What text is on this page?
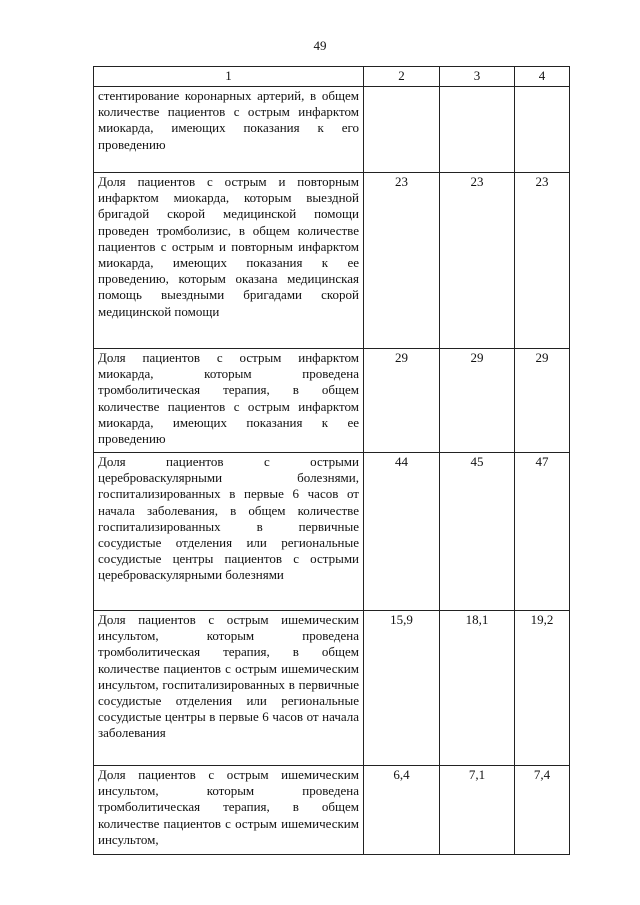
49
1	2	3	4
стентирование коронарных артерий, в общем количестве пациентов с острым инфарктом миокарда, имеющих показания к его проведению			
Доля пациентов с острым и повторным инфарктом миокарда, которым выездной бригадой скорой медицинской помощи проведен тромболизис, в общем количестве пациентов с острым и повторным инфарктом миокарда, имеющих показания к ее проведению, которым оказана медицинская помощь выездными бригадами скорой медицинской помощи	23	23	23
Доля пациентов с острым инфарктом миокарда, которым проведена тромболитическая терапия, в общем количестве пациентов с острым инфарктом миокарда, имеющих показания к ее проведению	29	29	29
Доля пациентов с острыми цереброваскулярными болезнями, госпитализированных в первые 6 часов от начала заболевания, в общем количестве госпитализированных в первичные сосудистые отделения или региональные сосудистые центры пациентов с острыми цереброваскулярными болезнями	44	45	47
Доля пациентов с острым ишемическим инсультом, которым проведена тромболитическая терапия, в общем количестве пациентов с острым ишемическим инсультом, госпитализированных в первичные сосудистые отделения или региональные сосудистые центры в первые 6 часов от начала заболевания	15,9	18,1	19,2
Доля пациентов с острым ишемическим инсультом, которым проведена тромболитическая терапия, в общем количестве пациентов с острым ишемическим инсультом,	6,4	7,1	7,4
